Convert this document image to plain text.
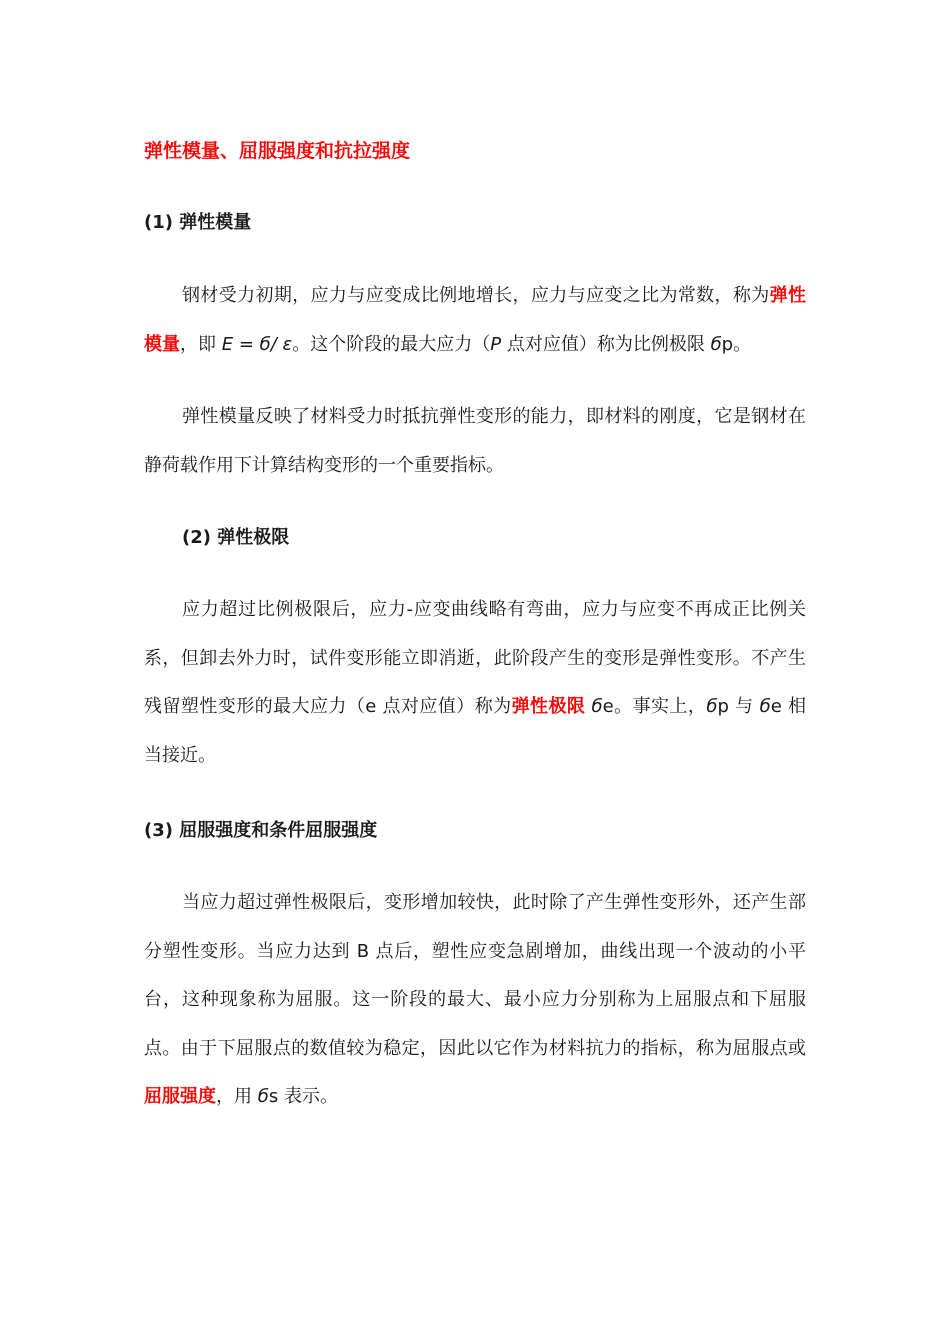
弹性模量、屈服强度和抗拉强度
(1) 弹性模量
钢材受力初期，应力与应变成比例地增长，应力与应变之比为常数，称为弹性模量，即 E = б/ ε。这个阶段的最大应力（P 点对应值）称为比例极限 бp。
弹性模量反映了材料受力时抵抗弹性变形的能力，即材料的刚度，它是钢材在静荷载作用下计算结构变形的一个重要指标。
(2) 弹性极限
应力超过比例极限后，应力-应变曲线略有弯曲，应力与应变不再成正比例关系，但卸去外力时，试件变形能立即消逝，此阶段产生的变形是弹性变形。不产生残留塑性变形的最大应力（e 点对应值）称为弹性极限 бe。事实上，бp 与 бe 相当接近。
(3) 屈服强度和条件屈服强度
当应力超过弹性极限后，变形增加较快，此时除了产生弹性变形外，还产生部分塑性变形。当应力达到 B 点后，塑性应变急剧增加，曲线出现一个波动的小平台，这种现象称为屈服。这一阶段的最大、最小应力分别称为上屈服点和下屈服点。由于下屈服点的数值较为稳定，因此以它作为材料抗力的指标，称为屈服点或屈服强度，用 бs 表示。
